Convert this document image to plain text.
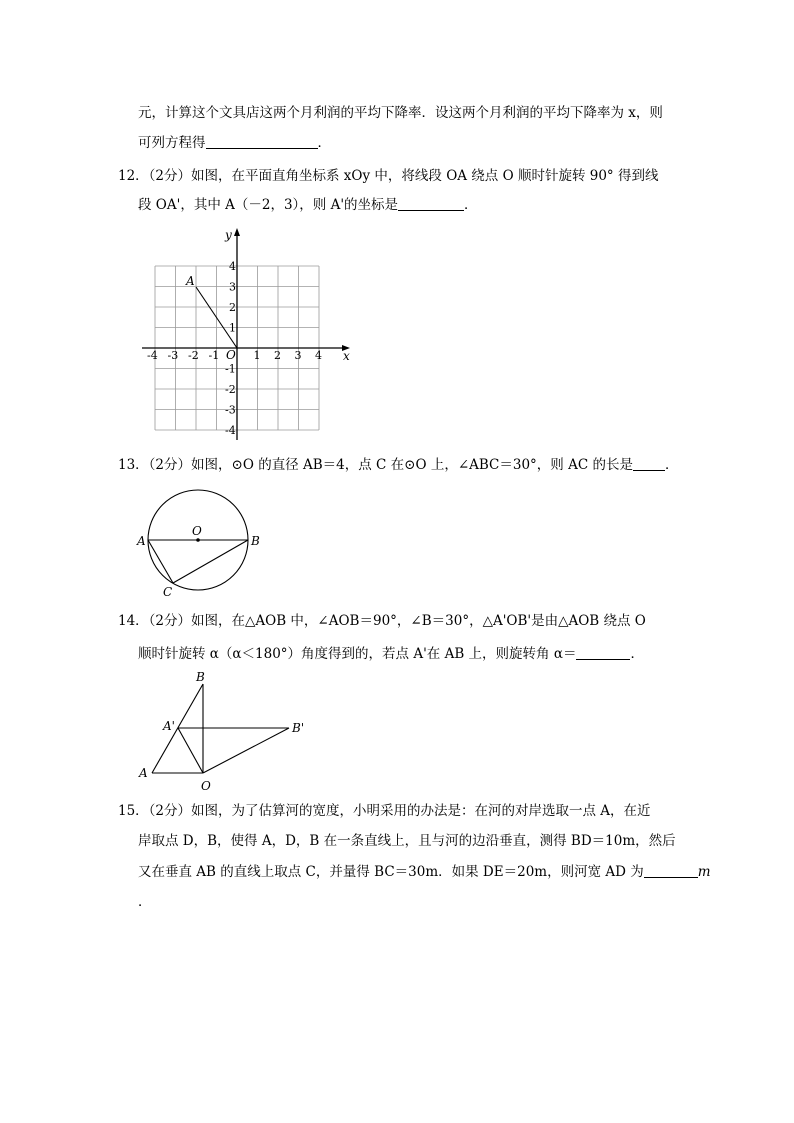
元，计算这个文具店这两个月利润的平均下降率．设这两个月利润的平均下降率为 x，则
可列方程得	．
12．（2分）如图，在平面直角坐标系 xOy 中，将线段 OA 绕点 O 顺时针旋转 90° 得到线
段 OA'，其中 A（－2，3），则 A'的坐标是	．
x
y
O
A
-4 -3 -2 -1	1 2 3 4
4
3
2
1
-1
-2
-3
-4
13．（2分）如图，⊙O 的直径 AB＝4，点 C 在⊙O 上，∠ABC＝30°，则 AC 的长是 ．
O
A	B
C
14．（2分）如图，在△AOB 中，∠AOB＝90°，∠B＝30°，△A'OB'是由△AOB 绕点 O
顺时针旋转 α（α＜180°）角度得到的，若点 A'在 AB 上，则旋转角 α＝	．
B
A'	B'
A
O
15．（2分）如图，为了估算河的宽度，小明采用的办法是：在河的对岸选取一点 A，在近
岸取点 D，B，使得 A，D，B 在一条直线上，且与河的边沿垂直，测得 BD＝10m，然后
又在垂直 AB 的直线上取点 C，并量得 BC＝30m．如果 DE＝20m，则河宽 AD 为	m
．
